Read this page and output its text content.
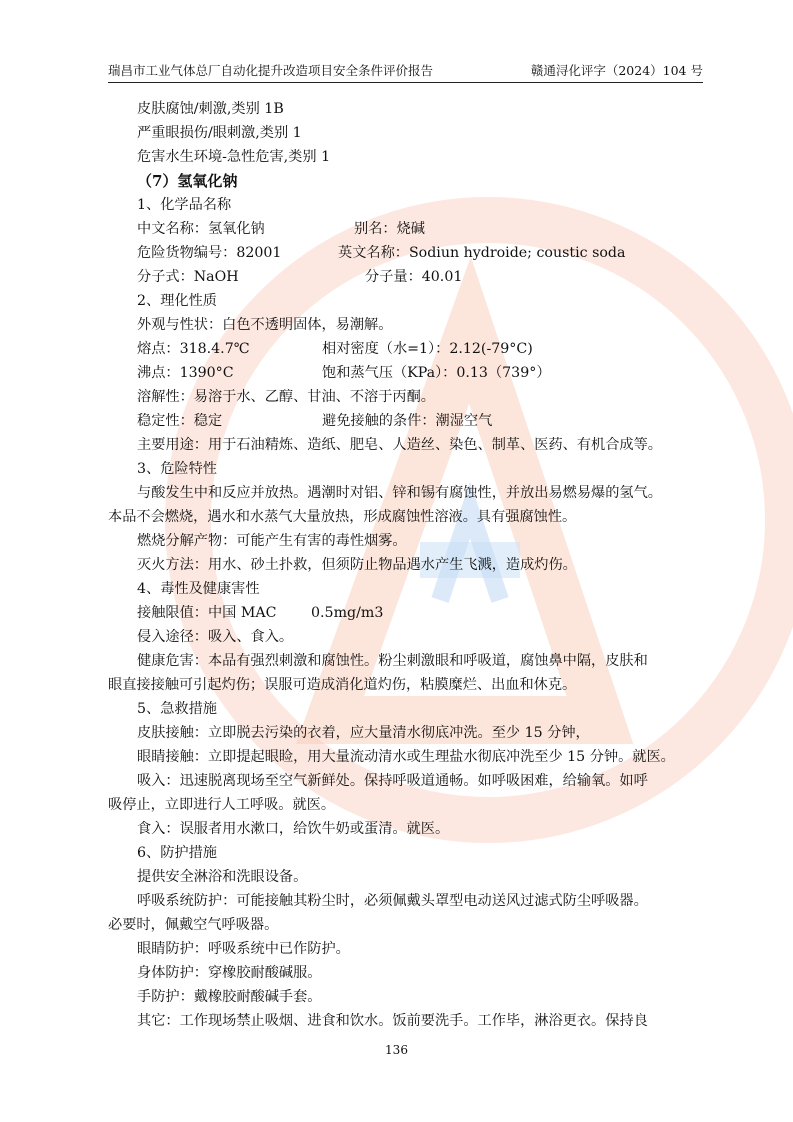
瑞昌市工业气体总厂自动化提升改造项目安全条件评价报告	赣通浔化评字（2024）104 号
皮肤腐蚀/刺激,类别 1B
严重眼损伤/眼刺激,类别 1
危害水生环境-急性危害,类别 1
（7）氢氧化钠
1、化学品名称
中文名称：氢氧化钠	别名：烧碱
危险货物编号：82001	英文名称：Sodiun hydroide; coustic soda
分子式：NaOH	分子量：40.01
2、理化性质
外观与性状：白色不透明固体，易潮解。
熔点：318.4.7℃	相对密度（水=1）：2.12(-79°C)
沸点：1390°C	饱和蒸气压（KPa）：0.13（739°）
溶解性：易溶于水、乙醇、甘油、不溶于丙酮。
稳定性：稳定	避免接触的条件：潮湿空气
主要用途：用于石油精炼、造纸、肥皂、人造丝、染色、制革、医药、有机合成等。
3、危险特性
与酸发生中和反应并放热。遇潮时对铝、锌和锡有腐蚀性，并放出易燃易爆的氢气。
本品不会燃烧，遇水和水蒸气大量放热，形成腐蚀性溶液。具有强腐蚀性。
燃烧分解产物：可能产生有害的毒性烟雾。
灭火方法：用水、砂土扑救，但须防止物品遇水产生飞溅，造成灼伤。
4、毒性及健康害性
接触限值：中国 MAC 0.5mg/m3
侵入途径：吸入、食入。
健康危害：本品有强烈刺激和腐蚀性。粉尘刺激眼和呼吸道，腐蚀鼻中隔，皮肤和
眼直接接触可引起灼伤；误服可造成消化道灼伤，粘膜糜烂、出血和休克。
5、急救措施
皮肤接触：立即脱去污染的衣着，应大量清水彻底冲洗。至少 15 分钟，
眼睛接触：立即提起眼睑，用大量流动清水或生理盐水彻底冲洗至少 15 分钟。就医。
吸入：迅速脱离现场至空气新鲜处。保持呼吸道通畅。如呼吸困难，给输氧。如呼
吸停止，立即进行人工呼吸。就医。
食入：误服者用水漱口，给饮牛奶或蛋清。就医。
6、防护措施
提供安全淋浴和洗眼设备。
呼吸系统防护：可能接触其粉尘时，必须佩戴头罩型电动送风过滤式防尘呼吸器。
必要时，佩戴空气呼吸器。
眼睛防护：呼吸系统中已作防护。
身体防护：穿橡胶耐酸碱服。
手防护：戴橡胶耐酸碱手套。
其它：工作现场禁止吸烟、进食和饮水。饭前要洗手。工作毕，淋浴更衣。保持良
136
